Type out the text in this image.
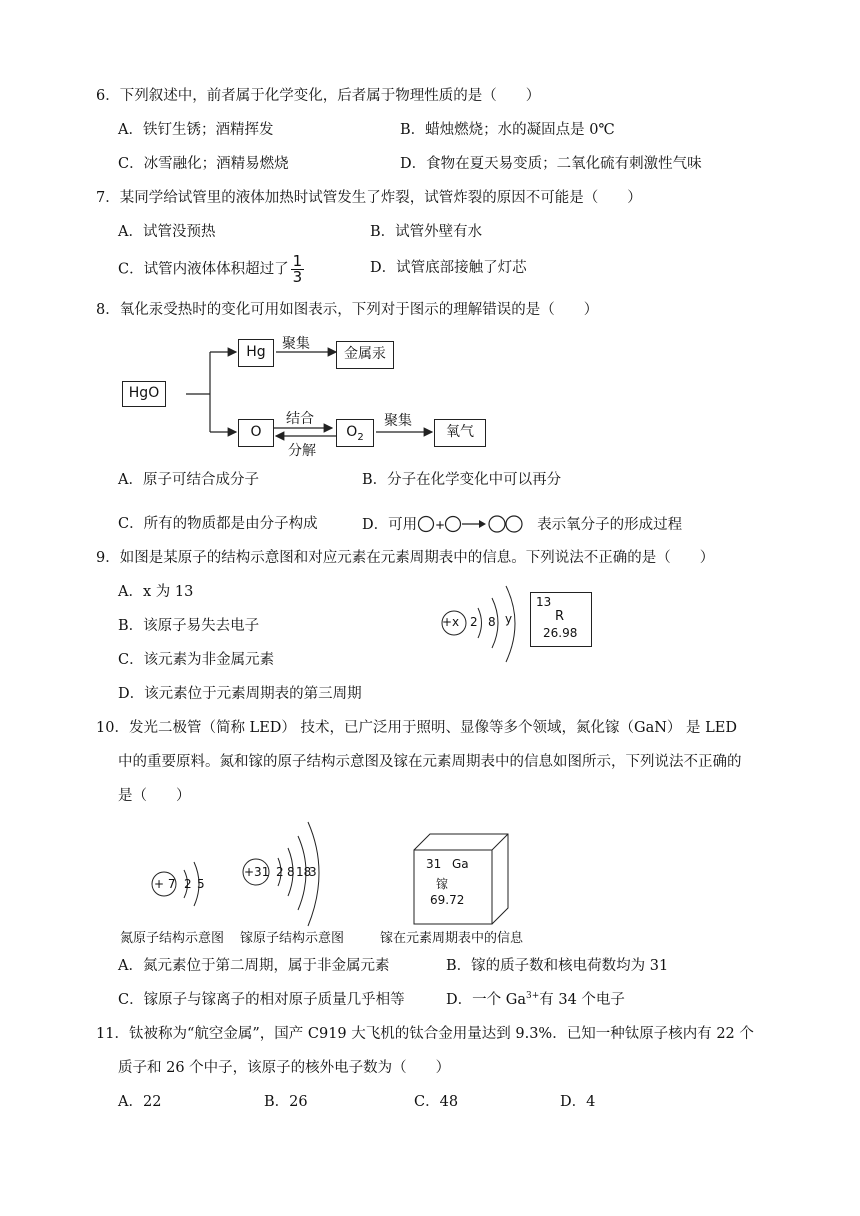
6．下列叙述中，前者属于化学变化，后者属于物理性质的是（　　）
A．铁钉生锈；酒精挥发	B．蜡烛燃烧；水的凝固点是 0℃
C．冰雪融化；酒精易燃烧	D．食物在夏天易变质；二氧化硫有刺激性气味
7．某同学给试管里的液体加热时试管发生了炸裂，试管炸裂的原因不可能是（　　）
A．试管没预热	B．试管外壁有水
C．试管内液体体积超过了 $\frac{1}{3}$	D．试管底部接触了灯芯
8．氧化汞受热时的变化可用如图表示，下列对于图示的理解错误的是（　　）
HgO
Hg
O
金属汞
$O_2$	氧气
聚集
结合
分解
聚集
A．原子可结合成分子	B．分子在化学变化中可以再分
C．所有的物质都是由分子构成	D．可用 +	表示氧分子的形成过程
9．如图是某原子的结构示意图和对应元素在元素周期表中的信息。下列说法不正确的是（　　）
A．x 为 13
B．该原子易失去电子
C．该元素为非金属元素
D．该元素位于元素周期表的第三周期
+x 2 8 y
13
R
26.98
10．发光二极管（简称 LED） 技术，已广泛用于照明、显像等多个领域，氮化镓（GaN） 是 LED
中的重要原料。氮和镓的原子结构示意图及镓在元素周期表中的信息如图所示，下列说法不正确的
是（　　）
+ 7 2 5
氮原子结构示意图
+31 2 8 18
3
镓原子结构示意图
31 Ga
镓
69.72
镓在元素周期表中的信息
A．氮元素位于第二周期，属于非金属元素	B．镓的质子数和核电荷数均为 31
C．镓原子与镓离子的相对原子质量几乎相等	D．一个 $Ga^{3+}$有 34 个电子
11．钛被称为“航空金属”，国产 C919 大飞机的钛合金用量达到 9.3%．已知一种钛原子核内有 22 个
质子和 26 个中子，该原子的核外电子数为（　　）
A．22	B．26	C．48	D．4
